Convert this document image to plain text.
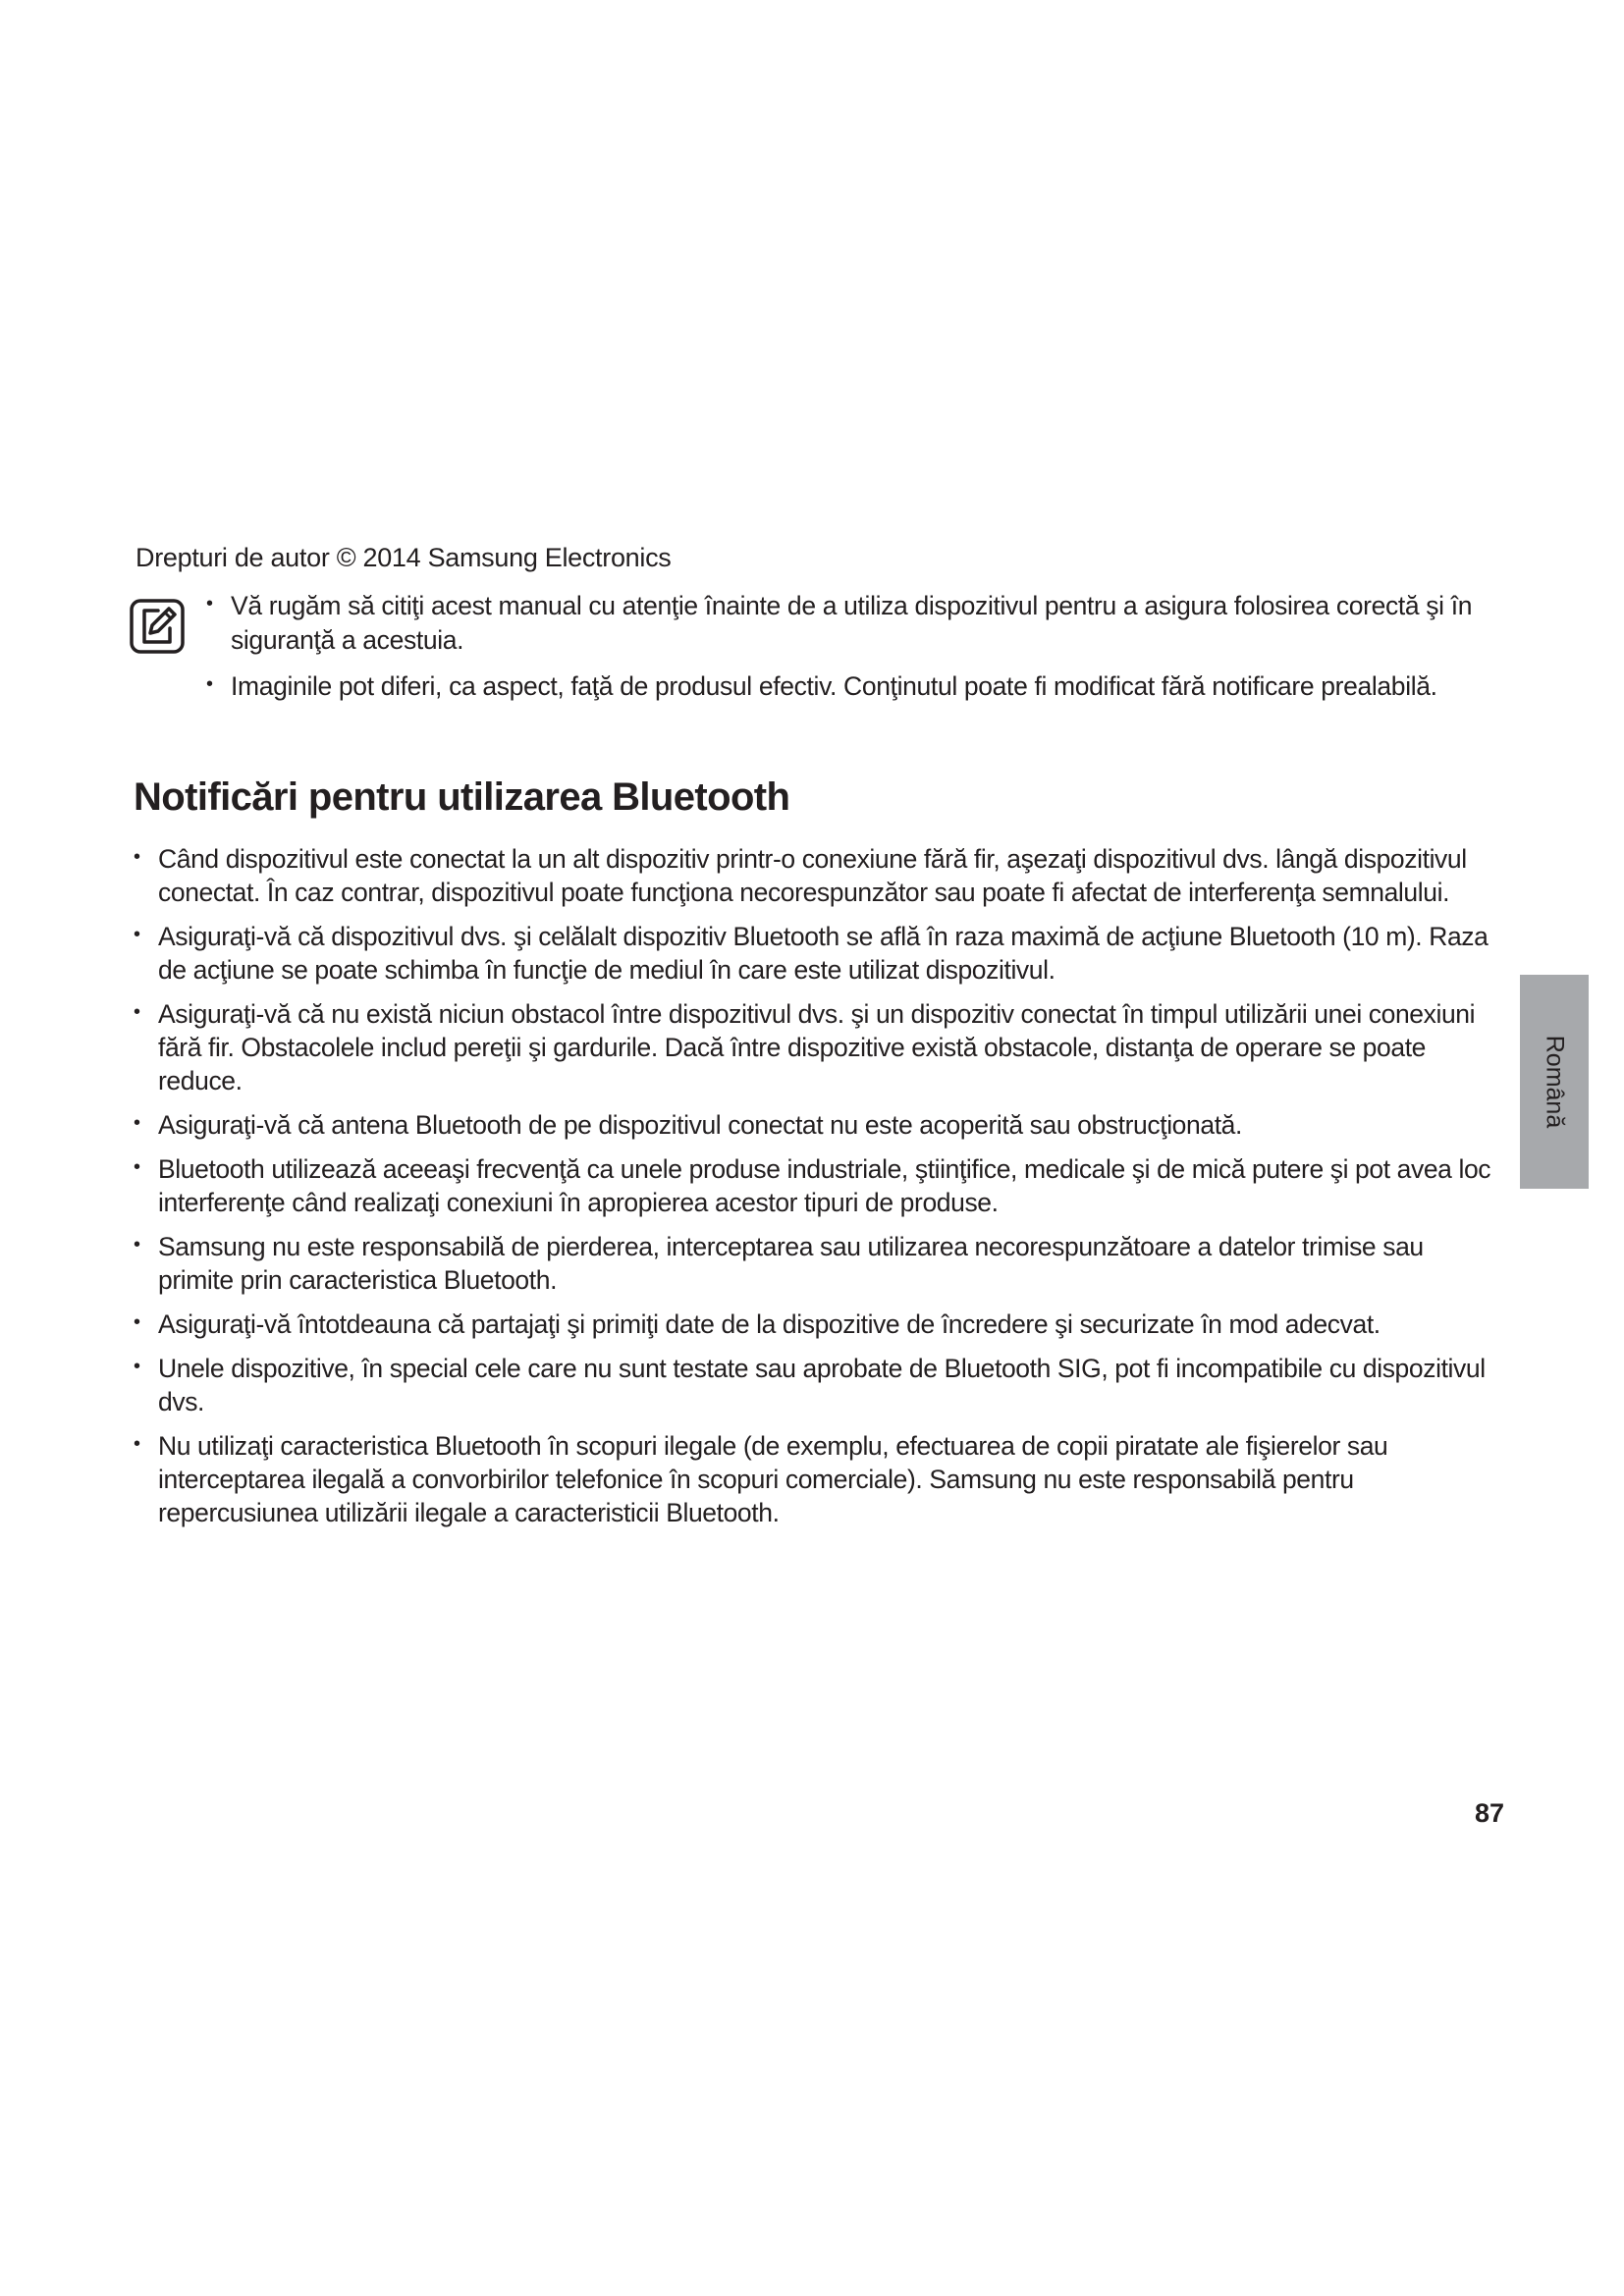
Drepturi de autor © 2014 Samsung Electronics
• Vă rugăm să citiţi acest manual cu atenţie înainte de a utiliza dispozitivul pentru a asigura folosirea corectă şi în siguranţă a acestuia.
• Imaginile pot diferi, ca aspect, faţă de produsul efectiv. Conţinutul poate fi modificat fără notificare prealabilă.
Notificări pentru utilizarea Bluetooth
• Când dispozitivul este conectat la un alt dispozitiv printr-o conexiune fără fir, aşezaţi dispozitivul dvs. lângă dispozitivul conectat. În caz contrar, dispozitivul poate funcţiona necorespunzător sau poate fi afectat de interferenţa semnalului.
• Asiguraţi-vă că dispozitivul dvs. şi celălalt dispozitiv Bluetooth se află în raza maximă de acţiune Bluetooth (10 m). Raza de acţiune se poate schimba în funcţie de mediul în care este utilizat dispozitivul.
• Asiguraţi-vă că nu există niciun obstacol între dispozitivul dvs. şi un dispozitiv conectat în timpul utilizării unei conexiuni fără fir. Obstacolele includ pereţii şi gardurile. Dacă între dispozitive există obstacole, distanţa de operare se poate reduce.
• Asiguraţi-vă că antena Bluetooth de pe dispozitivul conectat nu este acoperită sau obstrucţionată.
• Bluetooth utilizează aceeaşi frecvenţă ca unele produse industriale, ştiinţifice, medicale şi de mică putere şi pot avea loc interferenţe când realizaţi conexiuni în apropierea acestor tipuri de produse.
• Samsung nu este responsabilă de pierderea, interceptarea sau utilizarea necorespunzătoare a datelor trimise sau primite prin caracteristica Bluetooth.
• Asiguraţi-vă întotdeauna că partajaţi şi primiţi date de la dispozitive de încredere şi securizate în mod adecvat.
• Unele dispozitive, în special cele care nu sunt testate sau aprobate de Bluetooth SIG, pot fi incompatibile cu dispozitivul dvs.
• Nu utilizaţi caracteristica Bluetooth în scopuri ilegale (de exemplu, efectuarea de copii piratate ale fişierelor sau interceptarea ilegală a convorbirilor telefonice în scopuri comerciale). Samsung nu este responsabilă pentru repercusiunea utilizării ilegale a caracteristicii Bluetooth.
Română
87
